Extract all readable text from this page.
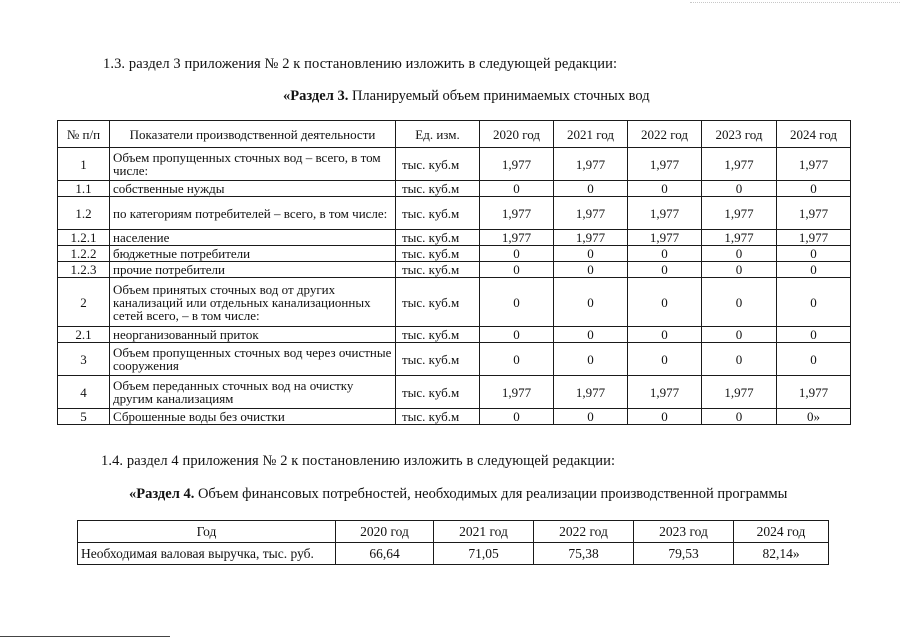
1.3. раздел 3 приложения № 2 к постановлению изложить в следующей редакции:
«Раздел 3. Планируемый объем принимаемых сточных вод
№ п/п	Показатели производственной деятельности	Ед. изм.	2020 год	2021 год	2022 год	2023 год	2024 год
1	Объем пропущенных сточных вод – всего, в том числе:	тыс. куб.м	1,977	1,977	1,977	1,977	1,977
1.1	собственные нужды	тыс. куб.м	0	0	0	0	0
1.2	по категориям потребителей – всего, в том числе:	тыс. куб.м	1,977	1,977	1,977	1,977	1,977
1.2.1	население	тыс. куб.м	1,977	1,977	1,977	1,977	1,977
1.2.2	бюджетные потребители	тыс. куб.м	0	0	0	0	0
1.2.3	прочие потребители	тыс. куб.м	0	0	0	0	0
2	Объем принятых сточных вод от других канализаций или отдельных канализационных сетей всего, – в том числе:	тыс. куб.м	0	0	0	0	0
2.1	неорганизованный приток	тыс. куб.м	0	0	0	0	0
3	Объем пропущенных сточных вод через очистные сооружения	тыс. куб.м	0	0	0	0	0
4	Объем переданных сточных вод на очистку другим канализациям	тыс. куб.м	1,977	1,977	1,977	1,977	1,977
5	Сброшенные воды без очистки	тыс. куб.м	0	0	0	0	0»
1.4. раздел 4 приложения № 2 к постановлению изложить в следующей редакции:
«Раздел 4. Объем финансовых потребностей, необходимых для реализации производственной программы
Год	2020 год	2021 год	2022 год	2023 год	2024 год
Необходимая валовая выручка, тыс. руб.	66,64	71,05	75,38	79,53	82,14»
